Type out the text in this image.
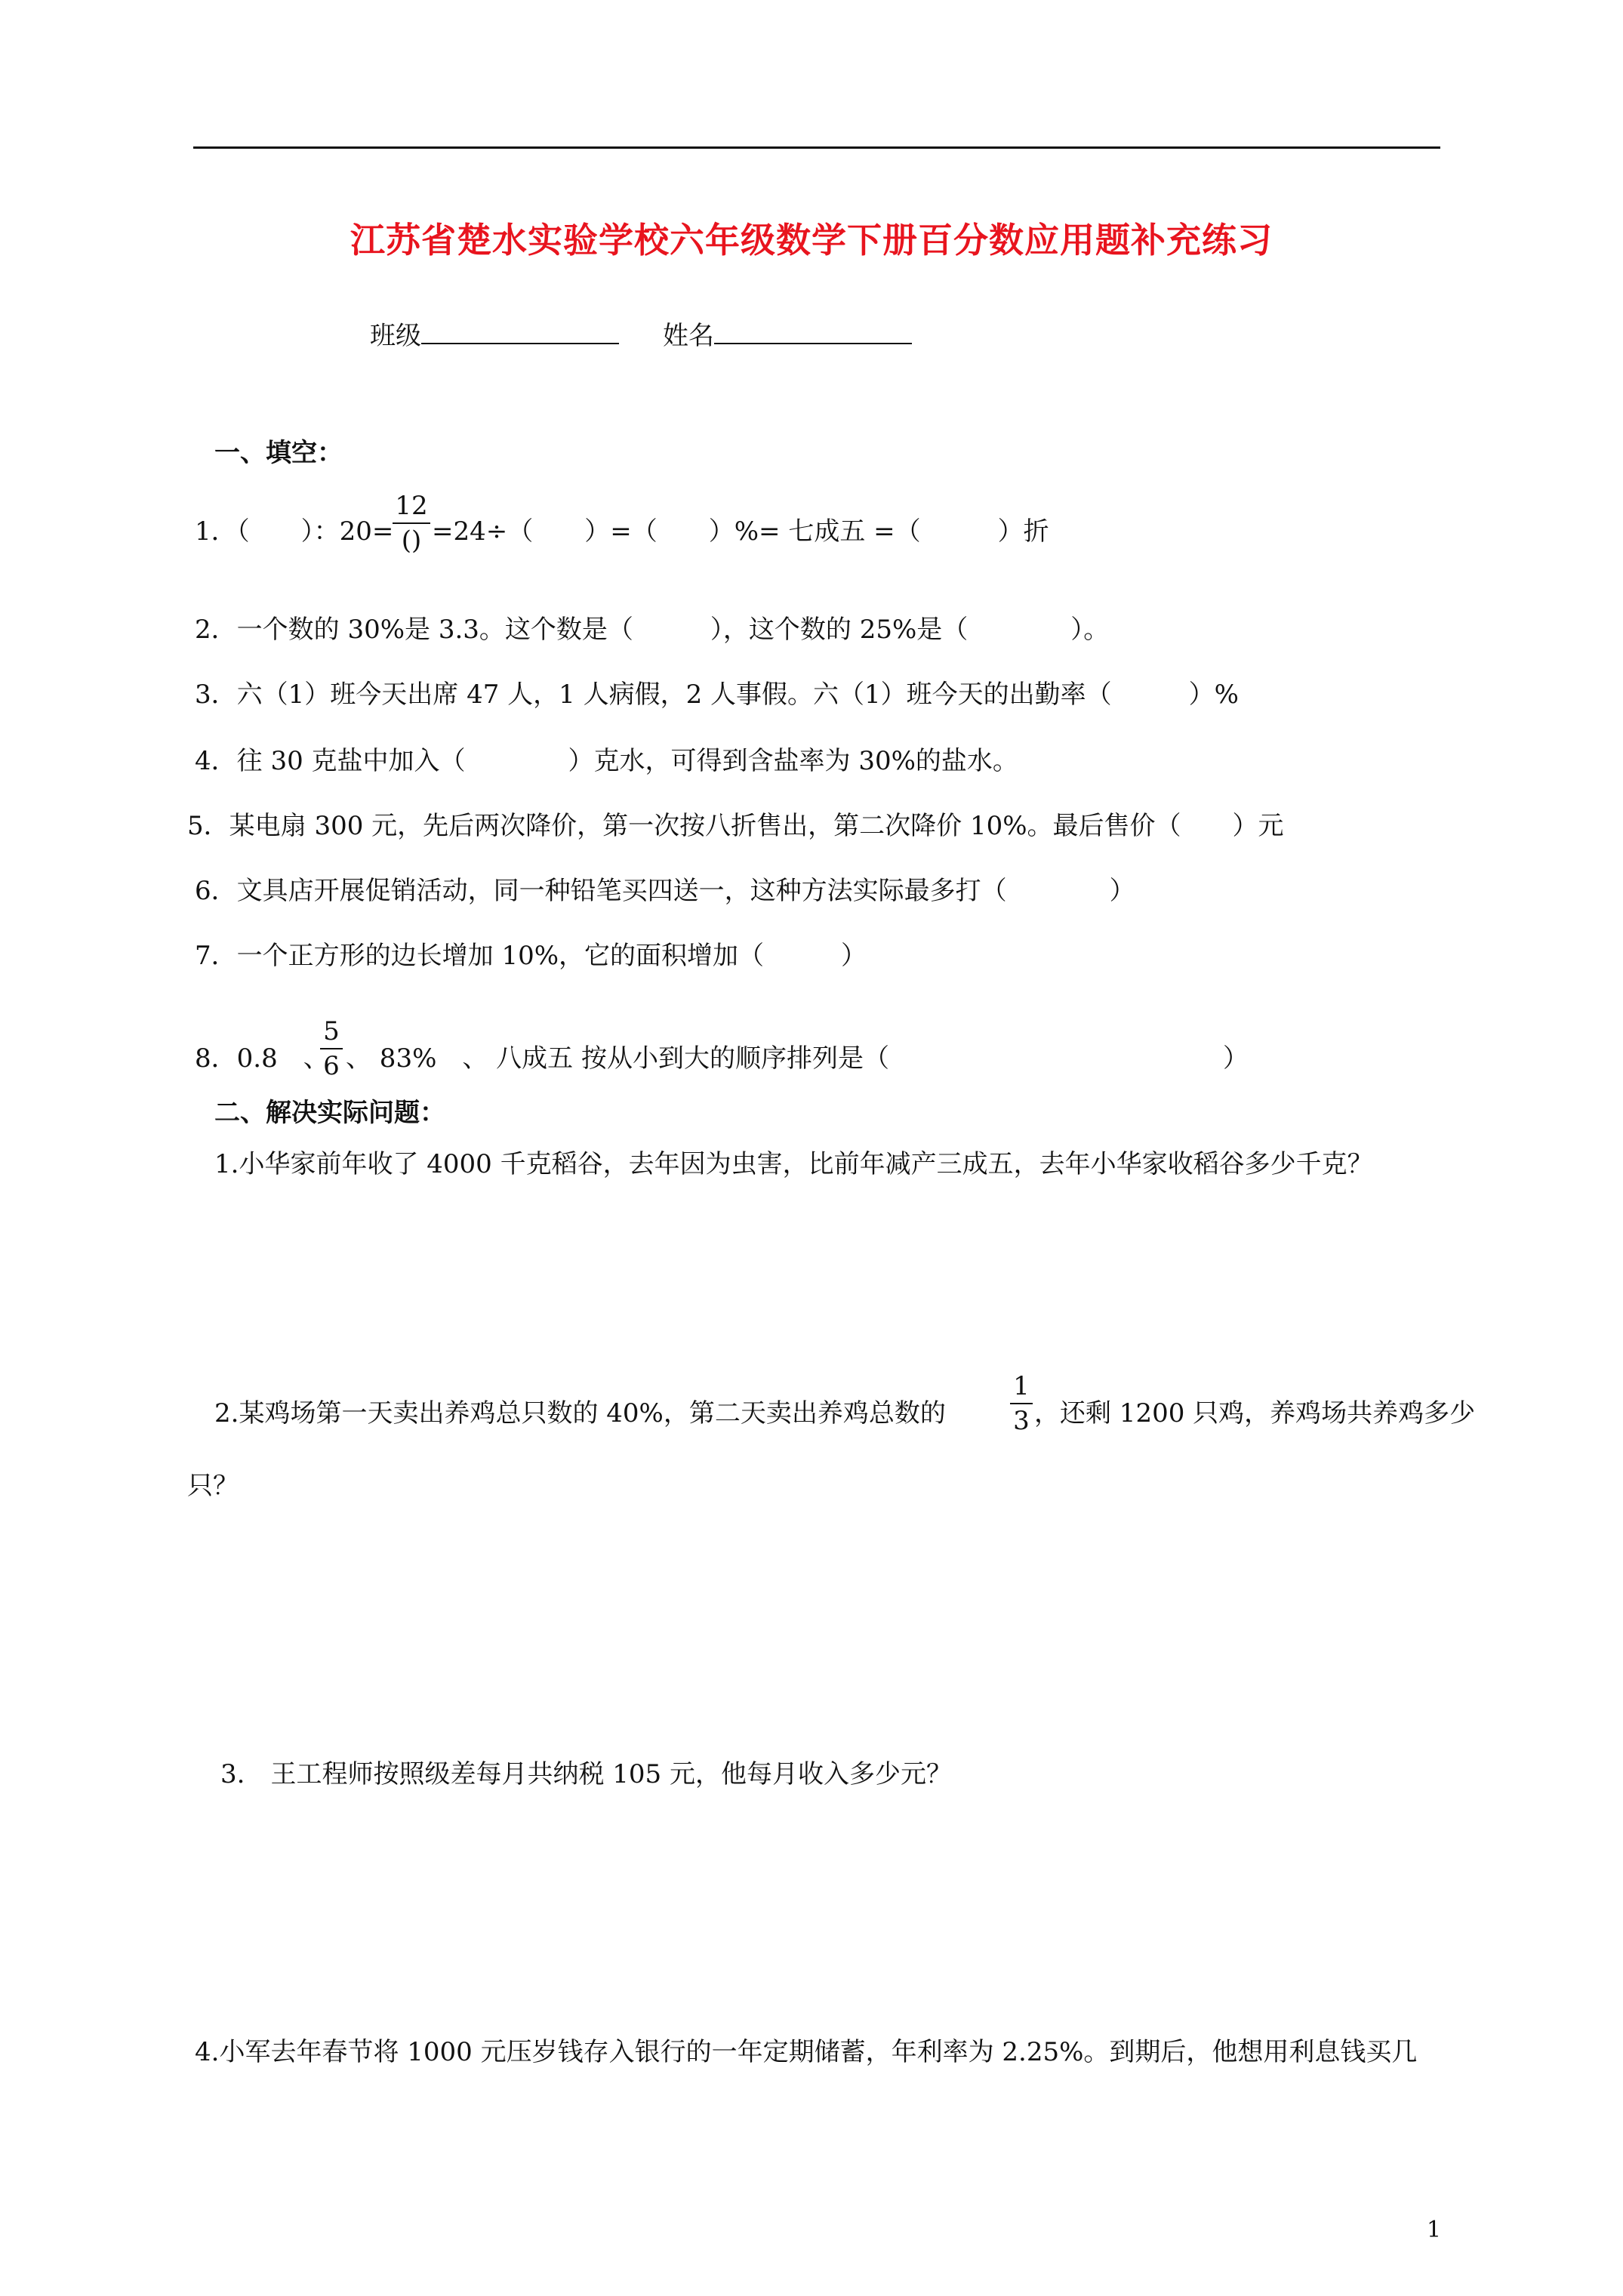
江苏省楚水实验学校六年级数学下册百分数应用题补充练习
班级	姓名
一、填空：
1．（　　）：20=
12
() =24÷（　　）=（　　）%= 七成五 =（　　　）折
2．一个数的 30%是 3.3。这个数是（　　　），这个数的 25%是（　　　　）。
3．六（1）班今天出席 47 人，1 人病假，2 人事假。六（1）班今天的出勤率（　　　）%
4．往 30 克盐中加入（　　　　）克水，可得到含盐率为 30%的盐水。
5．某电扇 300 元，先后两次降价，第一次按八折售出，第二次降价 10%。最后售价（　　）元
6．文具店开展促销活动，同一种铅笔买四送一，这种方法实际最多打（　　　　）
7．一个正方形的边长增加 10%，它的面积增加（　　　）
8．0.8　、
5
6 、 83%　、 八成五 按从小到大的顺序排列是（　　　　　　　　　　　　　）
二、解决实际问题：
1.小华家前年收了 4000 千克稻谷，去年因为虫害，比前年减产三成五，去年小华家收稻谷多少千克？
2.某鸡场第一天卖出养鸡总只数的 40%，第二天卖出养鸡总数的
1
3 ，还剩 1200 只鸡，养鸡场共养鸡多少
只？
3.　王工程师按照级差每月共纳税 105 元，他每月收入多少元？
4.小军去年春节将 1000 元压岁钱存入银行的一年定期储蓄，年利率为 2.25%。到期后，他想用利息钱买几
1
